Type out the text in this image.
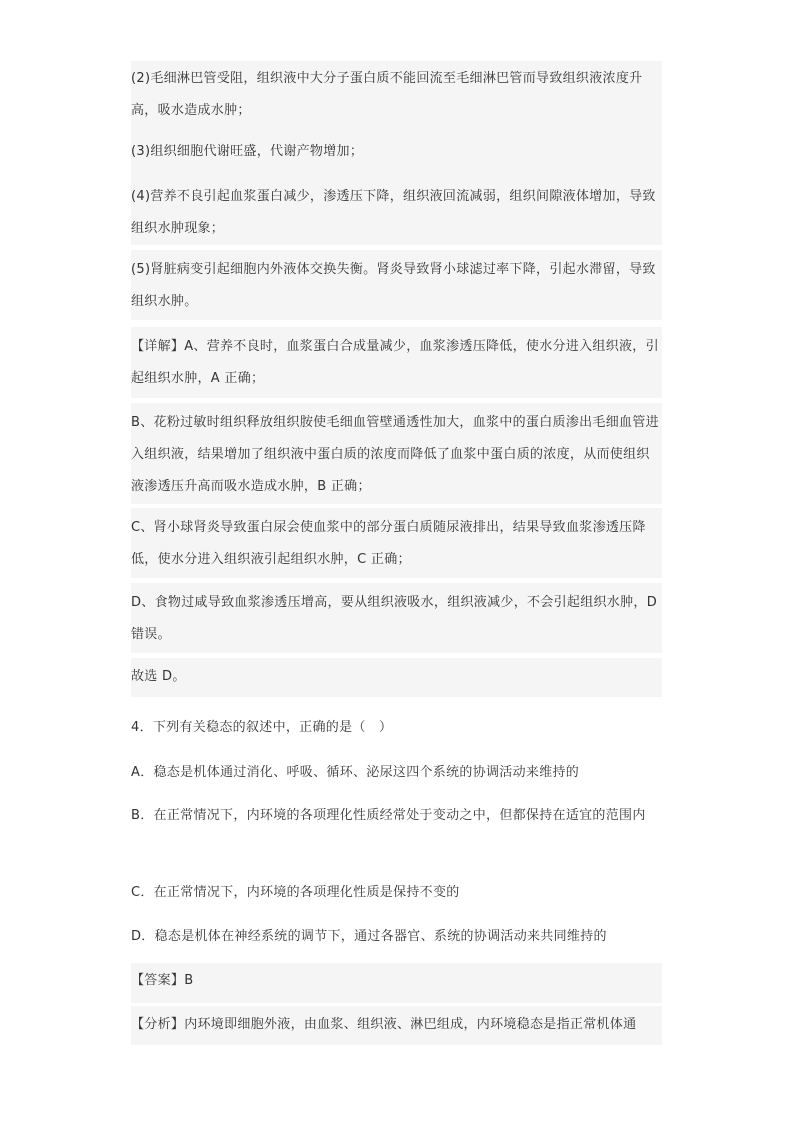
(2)毛细淋巴管受阻，组织液中大分子蛋白质不能回流至毛细淋巴管而导致组织液浓度升高，吸水造成水肿；

(3)组织细胞代谢旺盛，代谢产物增加；

(4)营养不良引起血浆蛋白减少，渗透压下降，组织液回流减弱，组织间隙液体增加，导致组织水肿现象；

(5)肾脏病变引起细胞内外液体交换失衡。肾炎导致肾小球滤过率下降，引起水滞留，导致组织水肿。

【详解】A、营养不良时，血浆蛋白合成量减少，血浆渗透压降低，使水分进入组织液，引起组织水肿，A 正确；

B、花粉过敏时组织释放组织胺使毛细血管壁通透性加大，血浆中的蛋白质渗出毛细血管进入组织液，结果增加了组织液中蛋白质的浓度而降低了血浆中蛋白质的浓度，从而使组织液渗透压升高而吸水造成水肿，B 正确；

C、肾小球肾炎导致蛋白尿会使血浆中的部分蛋白质随尿液排出，结果导致血浆渗透压降低，使水分进入组织液引起组织水肿，C 正确；

D、食物过咸导致血浆渗透压增高，要从组织液吸水，组织液减少，不会引起组织水肿，D 错误。

故选 D。

4．下列有关稳态的叙述中，正确的是（　）

A．稳态是机体通过消化、呼吸、循环、泌尿这四个系统的协调活动来维持的

B．在正常情况下，内环境的各项理化性质经常处于变动之中，但都保持在适宜的范围内

C．在正常情况下，内环境的各项理化性质是保持不变的

D．稳态是机体在神经系统的调节下，通过各器官、系统的协调活动来共同维持的

【答案】B

【分析】内环境即细胞外液，由血浆、组织液、淋巴组成，内环境稳态是指正常机体通
